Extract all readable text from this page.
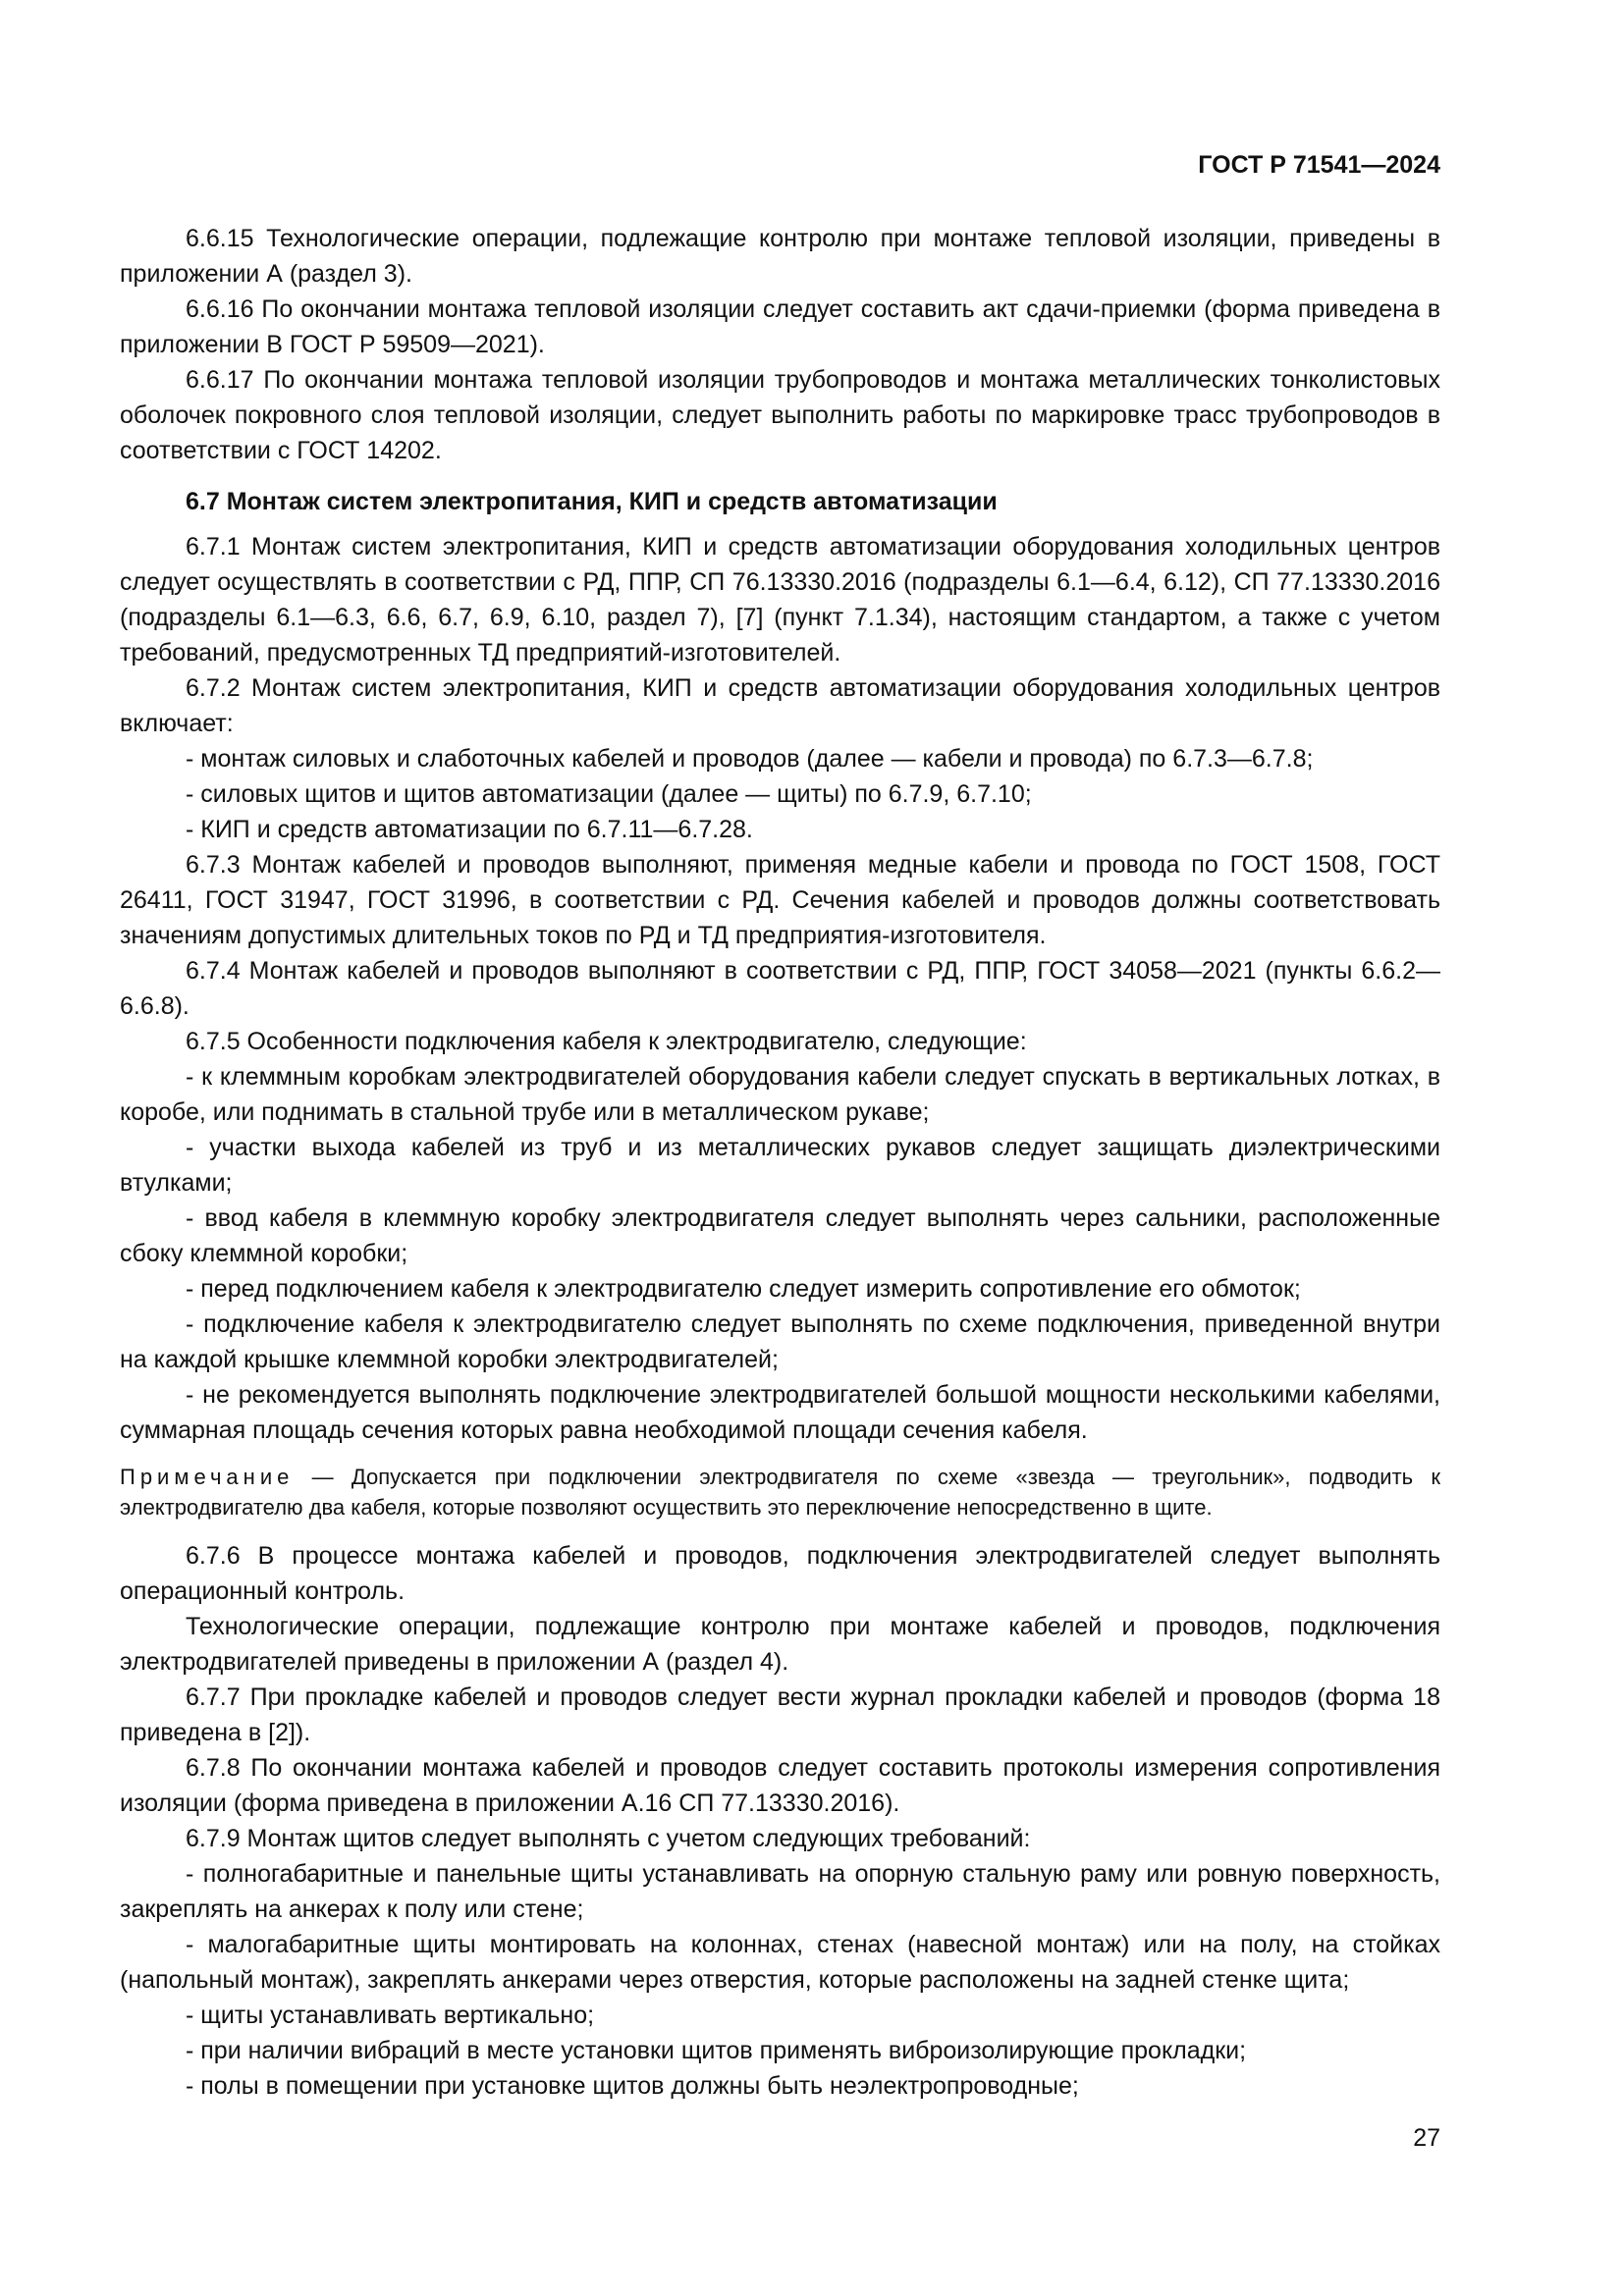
ГОСТ Р 71541—2024

6.6.15 Технологические операции, подлежащие контролю при монтаже тепловой изоляции, приведены в приложении А (раздел 3).

6.6.16 По окончании монтажа тепловой изоляции следует составить акт сдачи-приемки (форма приведена в приложении В ГОСТ Р 59509—2021).

6.6.17 По окончании монтажа тепловой изоляции трубопроводов и монтажа металлических тонколистовых оболочек покровного слоя тепловой изоляции, следует выполнить работы по маркировке трасс трубопроводов в соответствии с ГОСТ 14202.

6.7 Монтаж систем электропитания, КИП и средств автоматизации

6.7.1 Монтаж систем электропитания, КИП и средств автоматизации оборудования холодильных центров следует осуществлять в соответствии с РД, ППР, СП 76.13330.2016 (подразделы 6.1—6.4, 6.12), СП 77.13330.2016 (подразделы 6.1—6.3, 6.6, 6.7, 6.9, 6.10, раздел 7), [7] (пункт 7.1.34), настоящим стандартом, а также с учетом требований, предусмотренных ТД предприятий-изготовителей.

6.7.2 Монтаж систем электропитания, КИП и средств автоматизации оборудования холодильных центров включает:

- монтаж силовых и слаботочных кабелей и проводов (далее — кабели и провода) по 6.7.3—6.7.8;

- силовых щитов и щитов автоматизации (далее — щиты) по 6.7.9, 6.7.10;

- КИП и средств автоматизации по 6.7.11—6.7.28.

6.7.3 Монтаж кабелей и проводов выполняют, применяя медные кабели и провода по ГОСТ 1508, ГОСТ 26411, ГОСТ 31947, ГОСТ 31996, в соответствии с РД. Сечения кабелей и проводов должны соответствовать значениям допустимых длительных токов по РД и ТД предприятия-изготовителя.

6.7.4 Монтаж кабелей и проводов выполняют в соответствии с РД, ППР, ГОСТ 34058—2021 (пункты 6.6.2—6.6.8).

6.7.5 Особенности подключения кабеля к электродвигателю, следующие:

- к клеммным коробкам электродвигателей оборудования кабели следует спускать в вертикальных лотках, в коробе, или поднимать в стальной трубе или в металлическом рукаве;

- участки выхода кабелей из труб и из металлических рукавов следует защищать диэлектрическими втулками;

- ввод кабеля в клеммную коробку электродвигателя следует выполнять через сальники, расположенные сбоку клеммной коробки;

- перед подключением кабеля к электродвигателю следует измерить сопротивление его обмоток;

- подключение кабеля к электродвигателю следует выполнять по схеме подключения, приведенной внутри на каждой крышке клеммной коробки электродвигателей;

- не рекомендуется выполнять подключение электродвигателей большой мощности несколькими кабелями, суммарная площадь сечения которых равна необходимой площади сечения кабеля.

Примечание — Допускается при подключении электродвигателя по схеме «звезда — треугольник», подводить к электродвигателю два кабеля, которые позволяют осуществить это переключение непосредственно в щите.

6.7.6 В процессе монтажа кабелей и проводов, подключения электродвигателей следует выполнять операционный контроль.

Технологические операции, подлежащие контролю при монтаже кабелей и проводов, подключения электродвигателей приведены в приложении А (раздел 4).

6.7.7 При прокладке кабелей и проводов следует вести журнал прокладки кабелей и проводов (форма 18 приведена в [2]).

6.7.8 По окончании монтажа кабелей и проводов следует составить протоколы измерения сопротивления изоляции (форма приведена в приложении А.16 СП 77.13330.2016).

6.7.9 Монтаж щитов следует выполнять с учетом следующих требований:

- полногабаритные и панельные щиты устанавливать на опорную стальную раму или ровную поверхность, закреплять на анкерах к полу или стене;

- малогабаритные щиты монтировать на колоннах, стенах (навесной монтаж) или на полу, на стойках (напольный монтаж), закреплять анкерами через отверстия, которые расположены на задней стенке щита;

- щиты устанавливать вертикально;

- при наличии вибраций в месте установки щитов применять виброизолирующие прокладки;

- полы в помещении при установке щитов должны быть неэлектропроводные;

27
